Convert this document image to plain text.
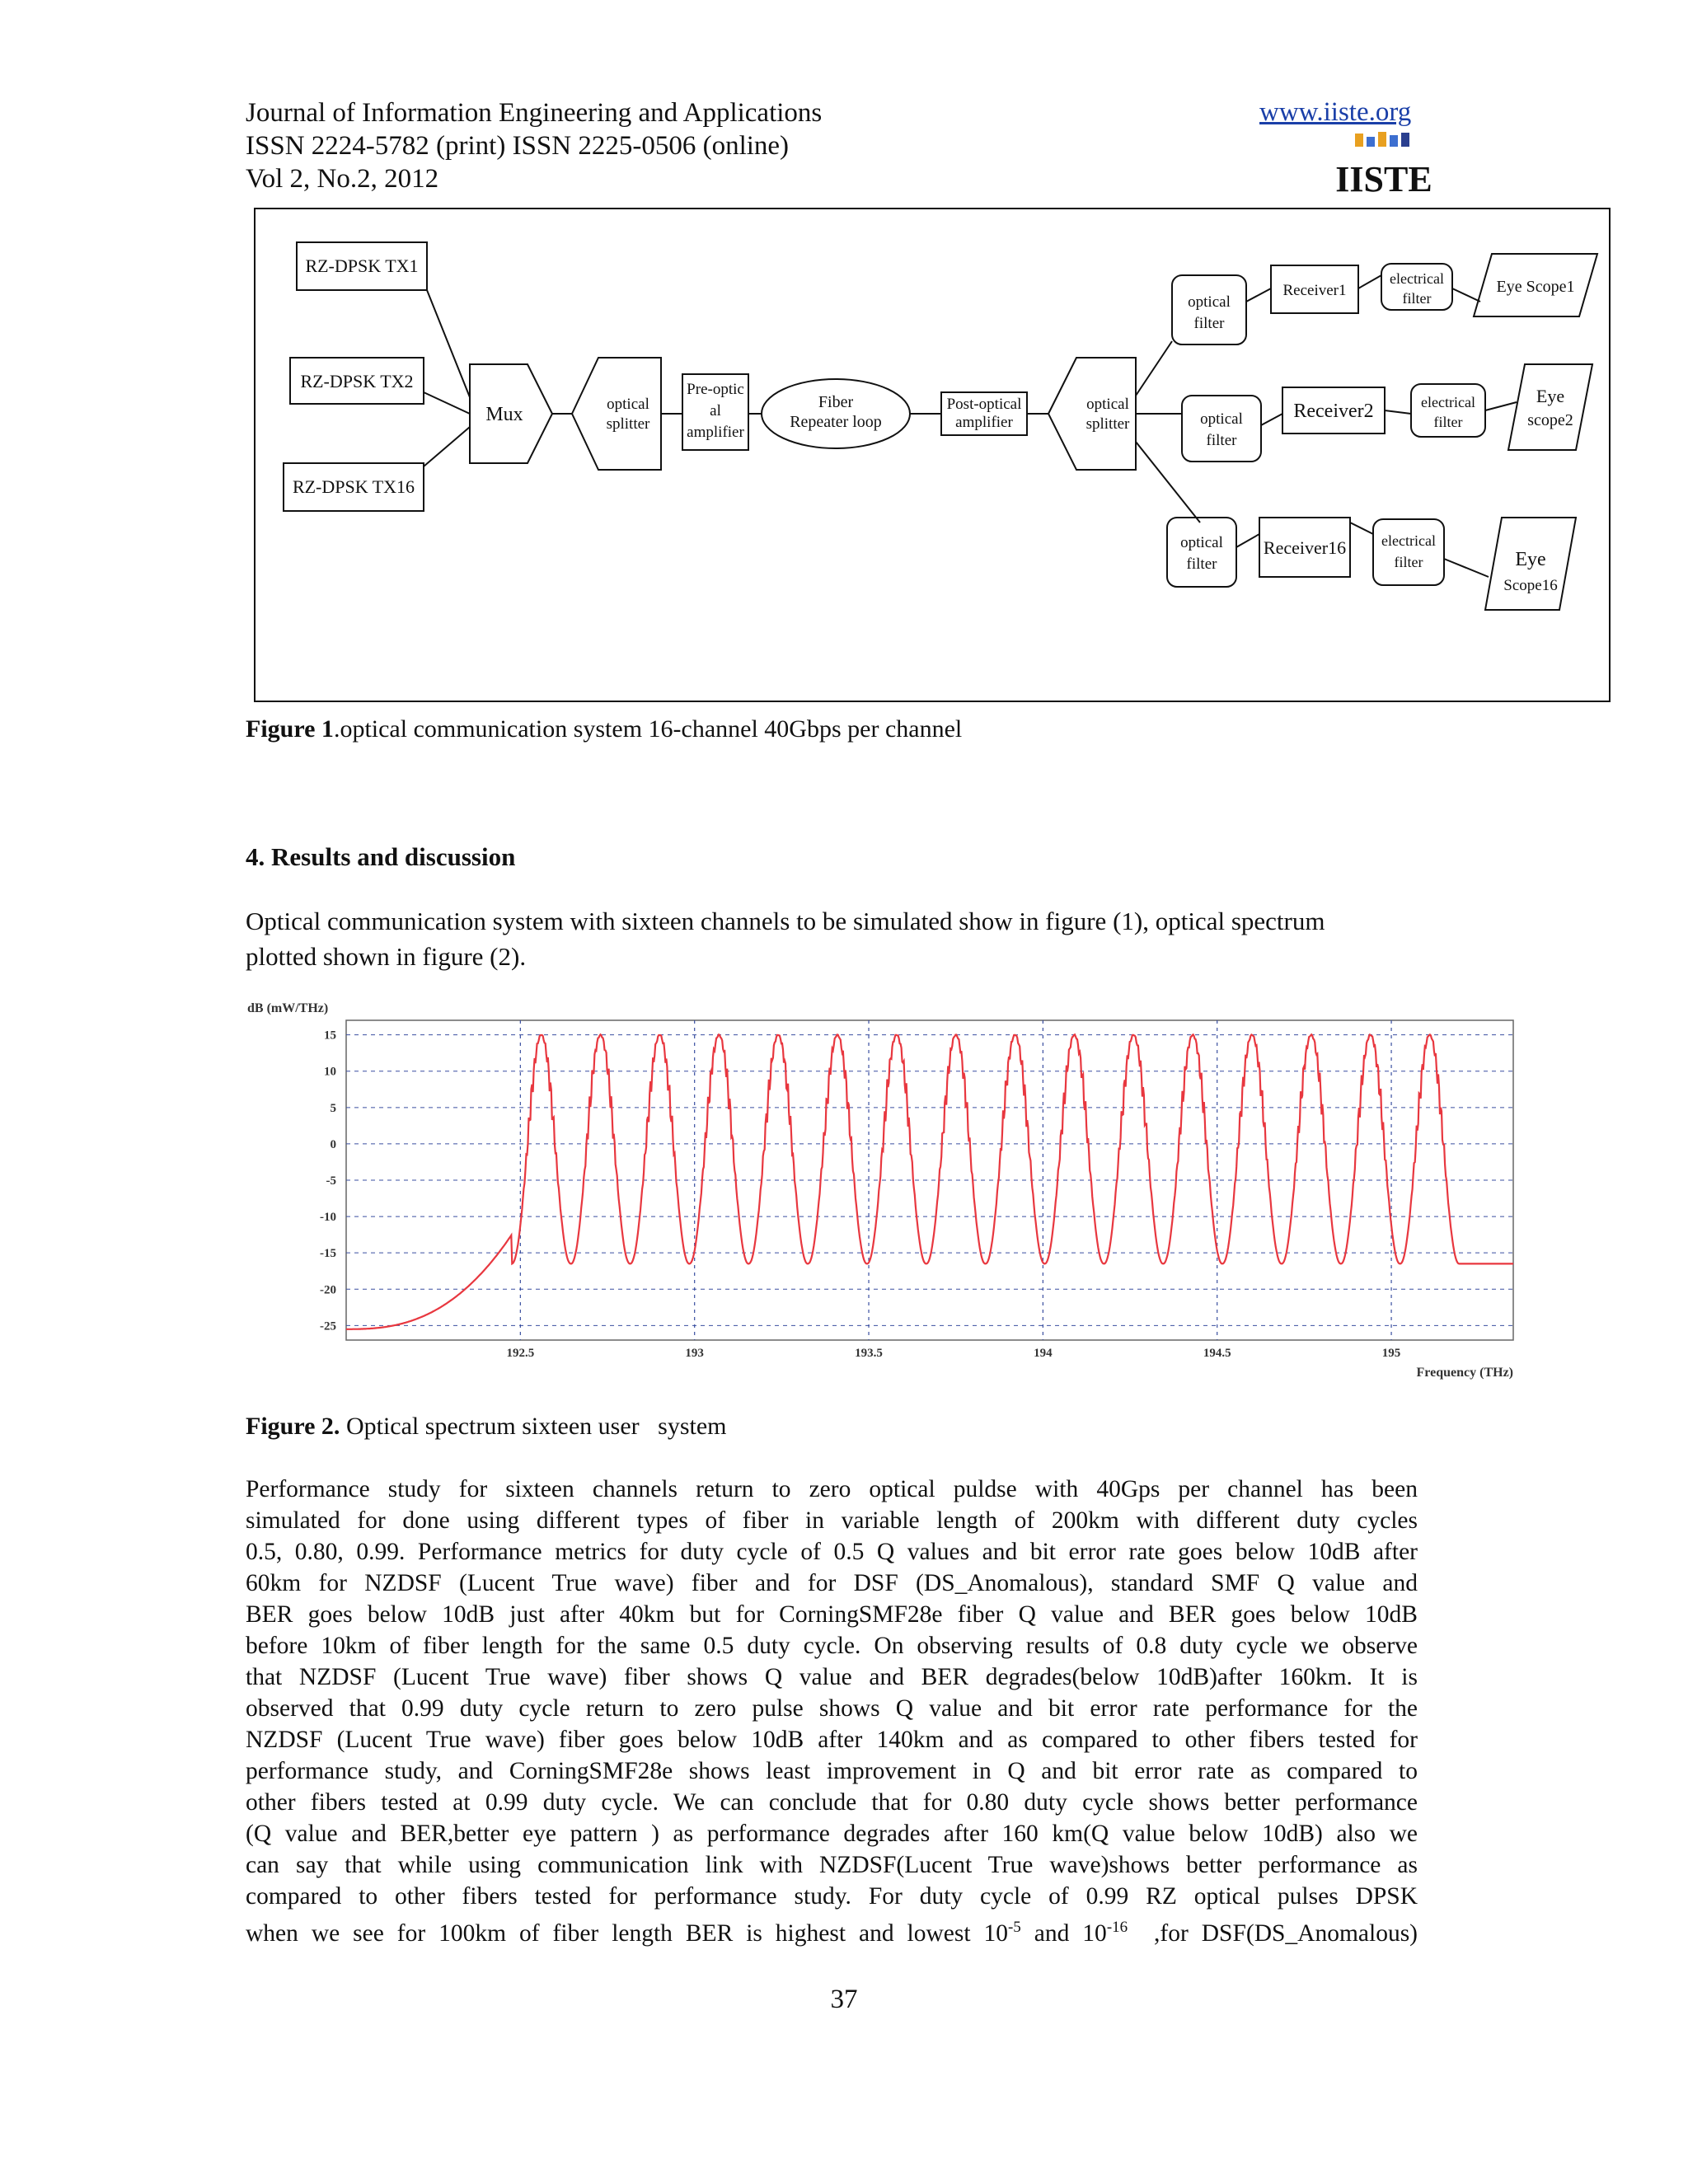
Journal of Information Engineering and Applications
ISSN 2224-5782 (print) ISSN 2225-0506 (online)
Vol 2, No.2, 2012
www.iiste.org
IISTE
RZ-DPSK TX1
RZ-DPSK TX2
RZ-DPSK TX16
Mux	optical
splitter
Pre-optic
al
amplifier
Fiber
Repeater loop
Post-optical
amplifier
optical
splitter
optical
filter
Receiver1
electrical
filter
Eye Scope1
optical
filter
Receiver2	electrical
filter
Eye
scope2
optical
filter
Receiver16 electrical
filter	Eye
Scope16
Figure 1.optical communication system 16-channel 40Gbps per channel
4. Results and discussion
Optical communication system with sixteen channels to be simulated show in figure (1), optical spectrum
plotted shown in figure (2).
dB (mW/THz)
192.5	193	193.5	194	194.5	195
15
10
5
0
-5
-10
-15
-20
-25
Frequency (THz)
Figure 2. Optical spectrum sixteen user   system
Performance study for sixteen channels return to zero optical puldse with 40Gps per channel has been
simulated for done using different types of fiber in variable length of 200km with different duty cycles
0.5, 0.80, 0.99. Performance metrics for duty cycle of 0.5 Q values and bit error rate goes below 10dB after
60km for NZDSF (Lucent True wave) fiber and for DSF (DS_Anomalous), standard SMF Q value and
BER goes below 10dB just after 40km but for CorningSMF28e fiber Q value and BER goes below 10dB
before 10km of fiber length for the same 0.5 duty cycle. On observing results of 0.8 duty cycle we observe
that NZDSF (Lucent True wave) fiber shows Q value and BER degrades(below 10dB)after 160km. It is
observed that 0.99 duty cycle return to zero pulse shows Q value and bit error rate performance for the
NZDSF (Lucent True wave) fiber goes below 10dB after 140km and as compared to other fibers tested for
performance study, and CorningSMF28e shows least improvement in Q and bit error rate as compared to
other fibers tested at 0.99 duty cycle. We can conclude that for 0.80 duty cycle shows better performance
(Q value and BER,better eye pattern ) as performance degrades after 160 km(Q value below 10dB) also we
can say that while using communication link with NZDSF(Lucent True wave)shows better performance as
compared to other fibers tested for performance study. For duty cycle of 0.99 RZ optical pulses DPSK
when we see for 100km of fiber length BER is highest and lowest $10^{-5}$ and $10^{-16}$  ,for DSF(DS_Anomalous)
37
